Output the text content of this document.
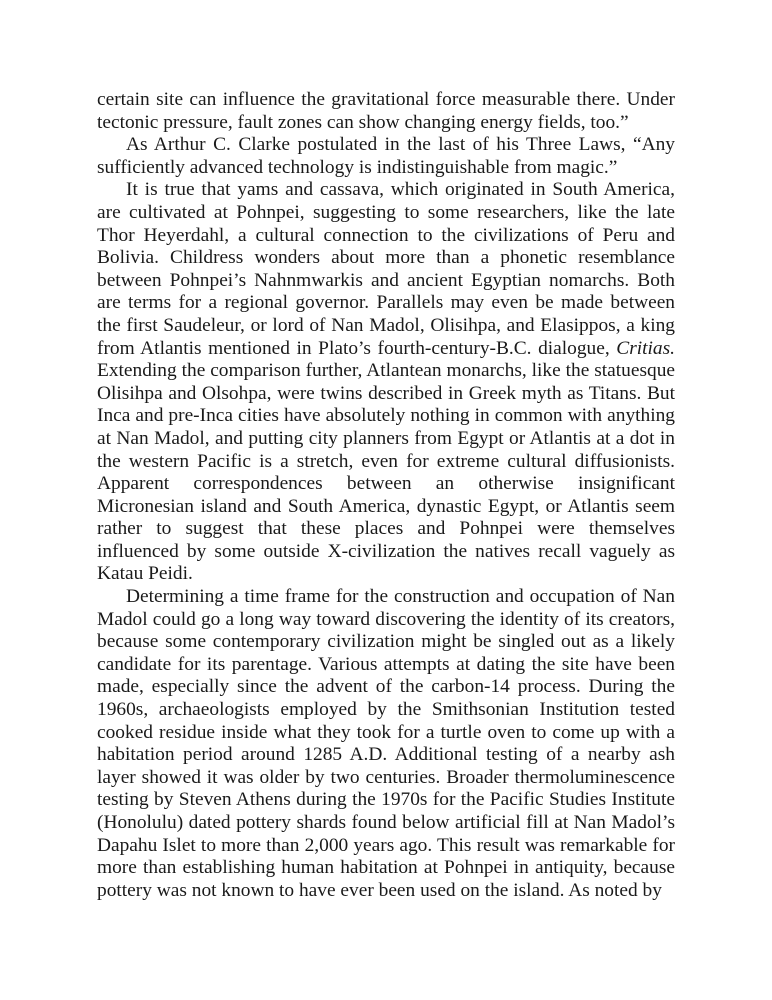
certain site can influence the gravitational force measurable there. Under tectonic pressure, fault zones can show changing energy fields, too.”

As Arthur C. Clarke postulated in the last of his Three Laws, “Any sufficiently advanced technology is indistinguishable from magic.”

It is true that yams and cassava, which originated in South America, are cultivated at Pohnpei, suggesting to some researchers, like the late Thor Heyerdahl, a cultural connection to the civilizations of Peru and Bolivia. Childress wonders about more than a phonetic resemblance between Pohnpei’s Nahnmwarkis and ancient Egyptian nomarchs. Both are terms for a regional governor. Parallels may even be made between the first Saudeleur, or lord of Nan Madol, Olisihpa, and Elasippos, a king from Atlantis mentioned in Plato’s fourth-century-B.C. dialogue, Critias. Extending the comparison further, Atlantean monarchs, like the statuesque Olisihpa and Olsohpa, were twins described in Greek myth as Titans. But Inca and pre-Inca cities have absolutely nothing in common with anything at Nan Madol, and putting city planners from Egypt or Atlantis at a dot in the western Pacific is a stretch, even for extreme cultural diffusionists. Apparent correspondences between an otherwise insignificant Micronesian island and South America, dynastic Egypt, or Atlantis seem rather to suggest that these places and Pohnpei were themselves influenced by some outside X-civilization the natives recall vaguely as Katau Peidi.

Determining a time frame for the construction and occupation of Nan Madol could go a long way toward discovering the identity of its creators, because some contemporary civilization might be singled out as a likely candidate for its parentage. Various attempts at dating the site have been made, especially since the advent of the carbon-14 process. During the 1960s, archaeologists employed by the Smithsonian Institution tested cooked residue inside what they took for a turtle oven to come up with a habitation period around 1285 A.D. Additional testing of a nearby ash layer showed it was older by two centuries. Broader thermoluminescence testing by Steven Athens during the 1970s for the Pacific Studies Institute (Honolulu) dated pottery shards found below artificial fill at Nan Madol’s Dapahu Islet to more than 2,000 years ago. This result was remarkable for more than establishing human habitation at Pohnpei in antiquity, because pottery was not known to have ever been used on the island. As noted by
